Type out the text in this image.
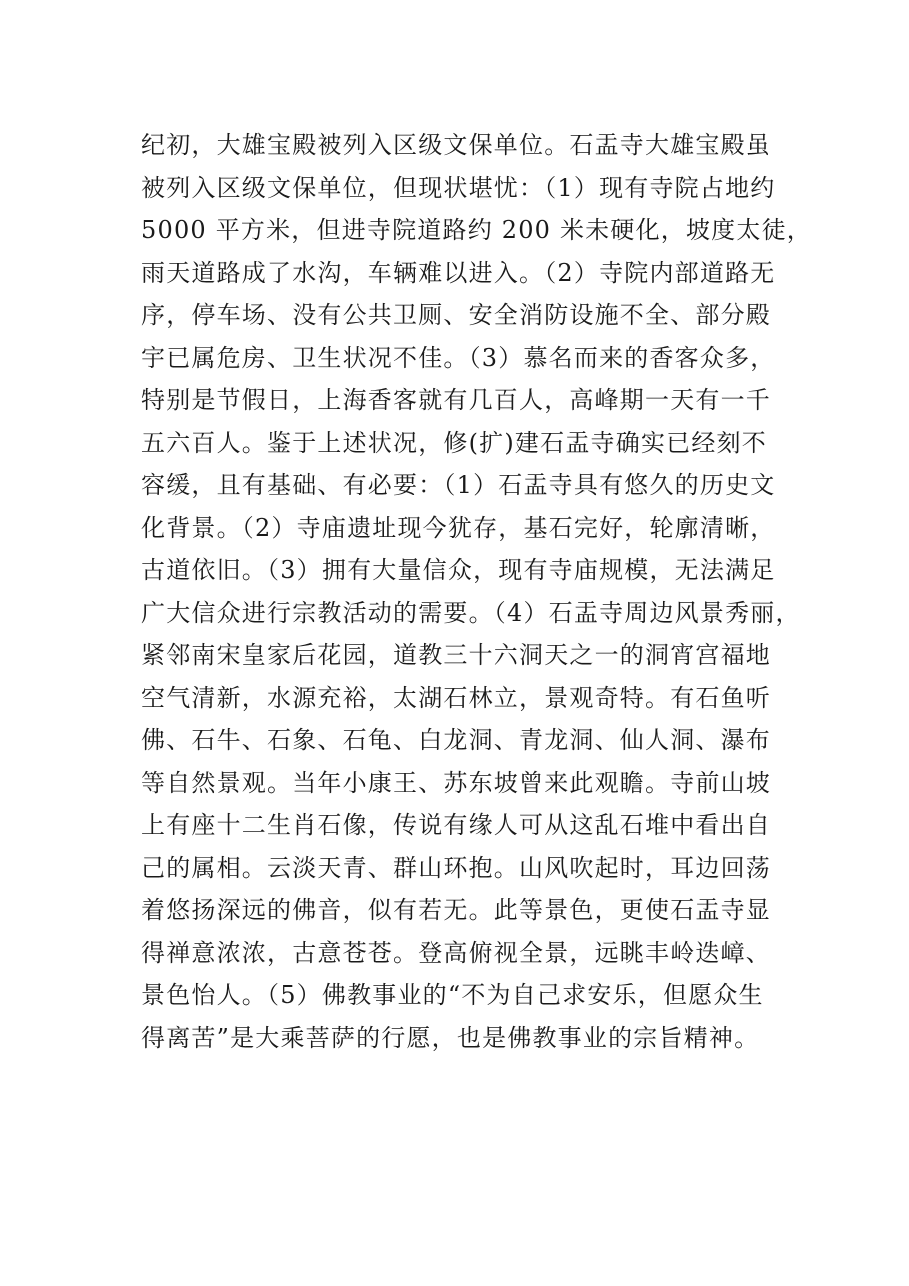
纪初，大雄宝殿被列入区级文保单位。石盂寺大雄宝殿虽
被列入区级文保单位，但现状堪忧：（1）现有寺院占地约
5000 平方米，但进寺院道路约 200 米未硬化，坡度太徒，
雨天道路成了水沟，车辆难以进入。（2）寺院内部道路无
序，停车场、没有公共卫厕、安全消防设施不全、部分殿
宇已属危房、卫生状况不佳。（3）慕名而来的香客众多，
特别是节假日，上海香客就有几百人，高峰期一天有一千
五六百人。鉴于上述状况，修(扩)建石盂寺确实已经刻不
容缓，且有基础、有必要：（1）石盂寺具有悠久的历史文
化背景。（2）寺庙遗址现今犹存，基石完好，轮廓清晰，
古道依旧。（3）拥有大量信众，现有寺庙规模，无法满足
广大信众进行宗教活动的需要。（4）石盂寺周边风景秀丽，
紧邻南宋皇家后花园，道教三十六洞天之一的洞宵宫福地
空气清新，水源充裕，太湖石林立，景观奇特。有石鱼听
佛、石牛、石象、石龟、白龙洞、青龙洞、仙人洞、瀑布
等自然景观。当年小康王、苏东坡曾来此观瞻。寺前山坡
上有座十二生肖石像，传说有缘人可从这乱石堆中看出自
己的属相。云淡天青、群山环抱。山风吹起时，耳边回荡
着悠扬深远的佛音，似有若无。此等景色，更使石盂寺显
得禅意浓浓，古意苍苍。登高俯视全景，远眺丰岭迭嶂、
景色怡人。（5）佛教事业的“不为自己求安乐，但愿众生
得离苦”是大乘菩萨的行愿，也是佛教事业的宗旨精神。
